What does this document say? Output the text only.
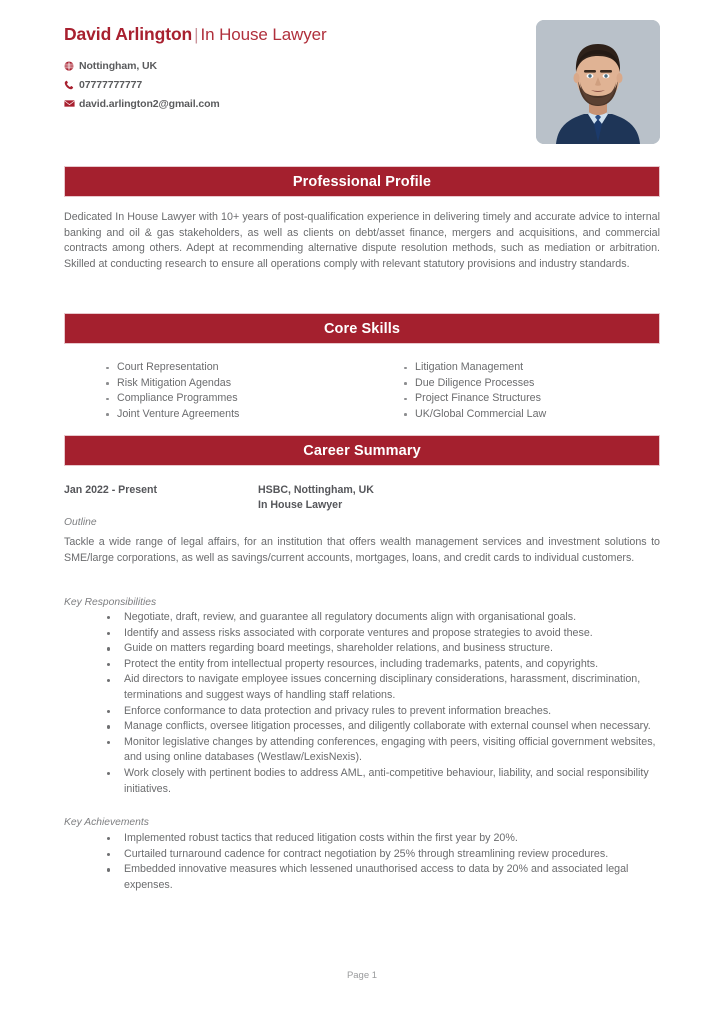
David Arlington | In House Lawyer
Nottingham, UK
07777777777
david.arlington2@gmail.com
Professional Profile
Dedicated In House Lawyer with 10+ years of post-qualification experience in delivering timely and accurate advice to internal banking and oil & gas stakeholders, as well as clients on debt/asset finance, mergers and acquisitions, and commercial contracts among others. Adept at recommending alternative dispute resolution methods, such as mediation or arbitration. Skilled at conducting research to ensure all operations comply with relevant statutory provisions and industry standards.
Core Skills
Court Representation
Risk Mitigation Agendas
Compliance Programmes
Joint Venture Agreements
Litigation Management
Due Diligence Processes
Project Finance Structures
UK/Global Commercial Law
Career Summary
Jan 2022 - Present	HSBC, Nottingham, UK
In House Lawyer
Outline
Tackle a wide range of legal affairs, for an institution that offers wealth management services and investment solutions to SME/large corporations, as well as savings/current accounts, mortgages, loans, and credit cards to individual customers.
Key Responsibilities
Negotiate, draft, review, and guarantee all regulatory documents align with organisational goals.
Identify and assess risks associated with corporate ventures and propose strategies to avoid these.
Guide on matters regarding board meetings, shareholder relations, and business structure.
Protect the entity from intellectual property resources, including trademarks, patents, and copyrights.
Aid directors to navigate employee issues concerning disciplinary considerations, harassment, discrimination, terminations and suggest ways of handling staff relations.
Enforce conformance to data protection and privacy rules to prevent information breaches.
Manage conflicts, oversee litigation processes, and diligently collaborate with external counsel when necessary.
Monitor legislative changes by attending conferences, engaging with peers, visiting official government websites, and using online databases (Westlaw/LexisNexis).
Work closely with pertinent bodies to address AML, anti-competitive behaviour, liability, and social responsibility initiatives.
Key Achievements
Implemented robust tactics that reduced litigation costs within the first year by 20%.
Curtailed turnaround cadence for contract negotiation by 25% through streamlining review procedures.
Embedded innovative measures which lessened unauthorised access to data by 20% and associated legal expenses.
Page 1
